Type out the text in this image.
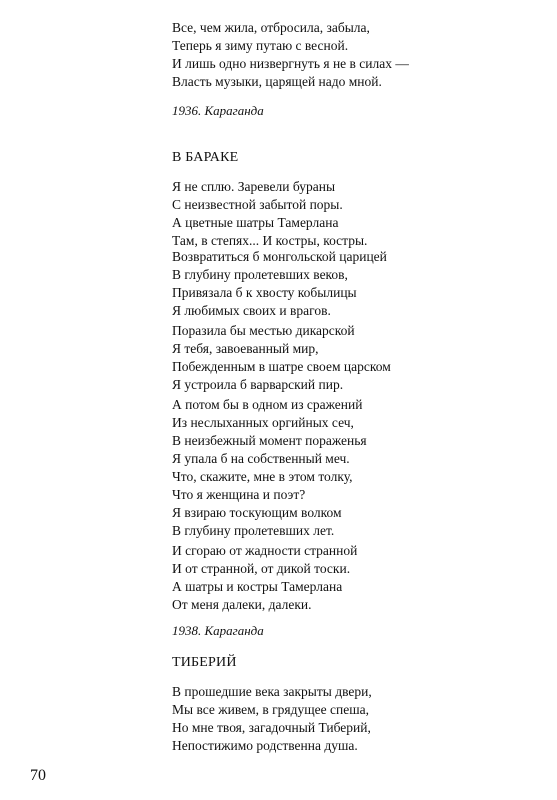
Все, чем жила, отбросила, забыла,
Теперь я зиму путаю с весной.
И лишь одно низвергнуть я не в силах —
Власть музыки, царящей надо мной.
1936. Караганда
В БАРАКЕ
Я не сплю. Заревели бураны
С неизвестной забытой поры.
А цветные шатры Тамерлана
Там, в степях... И костры, костры.
Возвратиться б монгольской царицей
В глубину пролетевших веков,
Привязала б к хвосту кобылицы
Я любимых своих и врагов.
Поразила бы местью дикарской
Я тебя, завоеванный мир,
Побежденным в шатре своем царском
Я устроила б варварский пир.
А потом бы в одном из сражений
Из неслыханных оргийных сеч,
В неизбежный момент пораженья
Я упала б на собственный меч.
Что, скажите, мне в этом толку,
Что я женщина и поэт?
Я взираю тоскующим волком
В глубину пролетевших лет.
И сгораю от жадности странной
И от странной, от дикой тоски.
А шатры и костры Тамерлана
От меня далеки, далеки.
1938. Караганда
ТИБЕРИЙ
В прошедшие века закрыты двери,
Мы все живем, в грядущее спеша,
Но мне твоя, загадочный Тиберий,
Непостижимо родственна душа.
70
